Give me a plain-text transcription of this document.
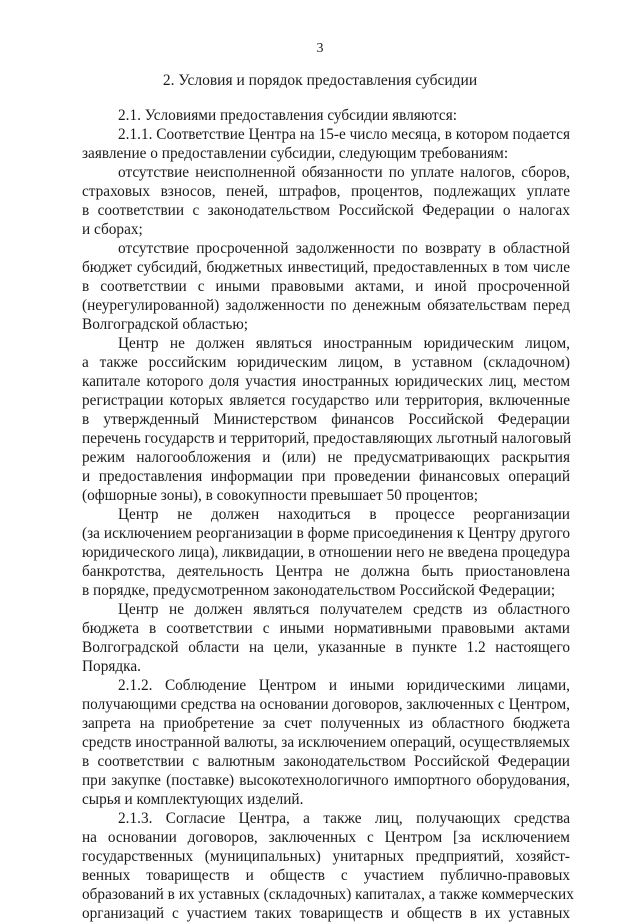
3
2. Условия и порядок предоставления субсидии
2.1. Условиями предоставления субсидии являются:
2.1.1. Соответствие Центра на 15-е число месяца, в котором подается
заявление о предоставлении субсидии, следующим требованиям:
отсутствие неисполненной обязанности по уплате налогов, сборов,
страховых взносов, пеней, штрафов, процентов, подлежащих уплате
в соответствии с законодательством Российской Федерации о налогах
и сборах;
отсутствие просроченной задолженности по возврату в областной
бюджет субсидий, бюджетных инвестиций, предоставленных в том числе
в соответствии с иными правовыми актами, и иной просроченной
(неурегулированной) задолженности по денежным обязательствам перед
Волгоградской областью;
Центр не должен являться иностранным юридическим лицом,
а также российским юридическим лицом, в уставном (складочном)
капитале которого доля участия иностранных юридических лиц, местом
регистрации которых является государство или территория, включенные
в утвержденный Министерством финансов Российской Федерации
перечень государств и территорий, предоставляющих льготный налоговый
режим налогообложения и (или) не предусматривающих раскрытия
и предоставления информации при проведении финансовых операций
(офшорные зоны), в совокупности превышает 50 процентов;
Центр не должен находиться в процессе реорганизации
(за исключением реорганизации в форме присоединения к Центру другого
юридического лица), ликвидации, в отношении него не введена процедура
банкротства, деятельность Центра не должна быть приостановлена
в порядке, предусмотренном законодательством Российской Федерации;
Центр не должен являться получателем средств из областного
бюджета в соответствии с иными нормативными правовыми актами
Волгоградской области на цели, указанные в пункте 1.2 настоящего
Порядка.
2.1.2. Соблюдение Центром и иными юридическими лицами,
получающими средства на основании договоров, заключенных с Центром,
запрета на приобретение за счет полученных из областного бюджета
средств иностранной валюты, за исключением операций, осуществляемых
в соответствии с валютным законодательством Российской Федерации
при закупке (поставке) высокотехнологичного импортного оборудования,
сырья и комплектующих изделий.
2.1.3. Согласие Центра, а также лиц, получающих средства
на основании договоров, заключенных с Центром [за исключением
государственных (муниципальных) унитарных предприятий, хозяйст-
венных товариществ и обществ с участием публично-правовых
образований в их уставных (складочных) капиталах, а также коммерческих
организаций с участием таких товариществ и обществ в их уставных
